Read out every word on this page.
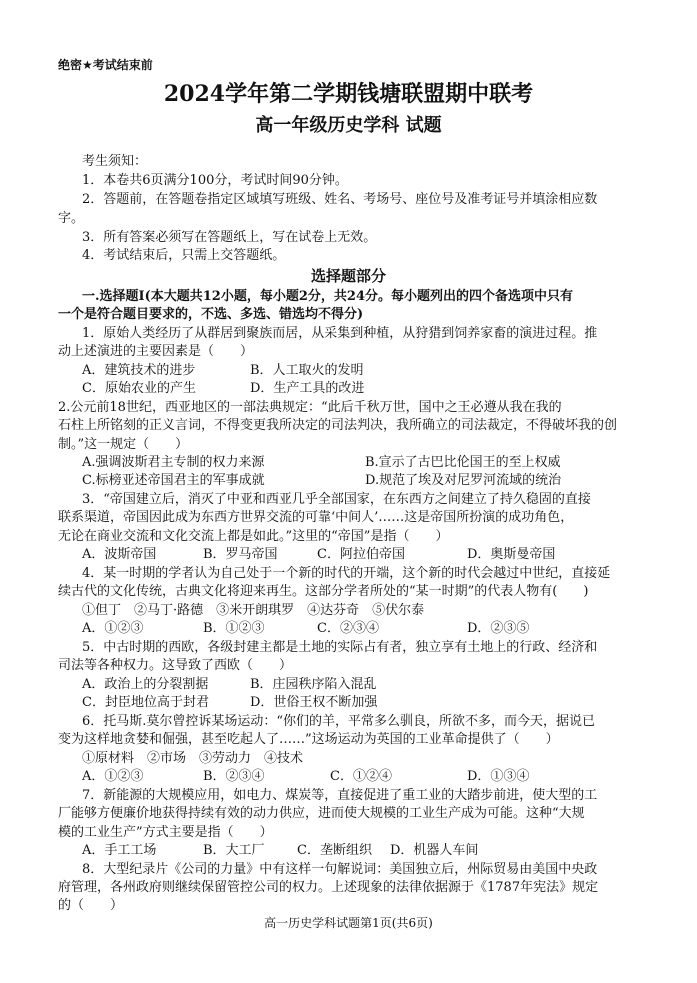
绝密★考试结束前
2024学年第二学期钱塘联盟期中联考
高一年级历史学科 试题
考生须知：
1．本卷共6页满分100分，考试时间90分钟。
2．答题前，在答题卷指定区域填写班级、姓名、考场号、座位号及准考证号并填涂相应数
字。
3．所有答案必须写在答题纸上，写在试卷上无效。
4．考试结束后，只需上交答题纸。
选择题部分
一.选择题Ⅰ(本大题共12小题，每小题2分，共24分。每小题列出的四个备选项中只有
一个是符合题目要求的，不选、多选、错选均不得分)
1．原始人类经历了从群居到聚族而居，从采集到种植，从狩猎到饲养家畜的演进过程。推
动上述演进的主要因素是（　　）
A．建筑技术的进步	B．人工取火的发明
C．原始农业的产生	D．生产工具的改进
2.公元前18世纪，西亚地区的一部法典规定：“此后千秋万世，国中之王必遵从我在我的
石柱上所铭刻的正义言词，不得变更我所决定的司法判决，我所确立的司法裁定，不得破坏我的创
制。”这一规定（　　）
A.强调波斯君主专制的权力来源	B.宣示了古巴比伦国王的至上权威
C.标榜亚述帝国君主的军事成就	D.规范了埃及对尼罗河流域的统治
3．“帝国建立后，消灭了中亚和西亚几乎全部国家，在东西方之间建立了持久稳固的直接
联系渠道，帝国因此成为东西方世界交流的可靠‘中间人’……这是帝国所扮演的成功角色，
无论在商业交流和文化交流上都是如此。”这里的“帝国”是指（　　）
A．波斯帝国	B．罗马帝国	C．阿拉伯帝国	D．奥斯曼帝国
4．某一时期的学者认为自己处于一个新的时代的开端，这个新的时代会越过中世纪，直接延
续古代的文化传统，古典文化将迎来再生。这部分学者所处的“某一时期”的代表人物有(　　)
①但丁　②马丁·路德　③米开朗琪罗　④达芬奇　⑤伏尔泰
A．①②③	B．①②③	C．②③④	D．②③⑤
5．中古时期的西欧，各级封建主都是土地的实际占有者，独立享有土地上的行政、经济和
司法等各种权力。这导致了西欧（　　）
A．政治上的分裂割据	B．庄园秩序陷入混乱
C．封臣地位高于封君	D．世俗王权不断加强
6．托马斯.莫尔曾控诉某场运动：“你们的羊，平常多么驯良，所欲不多，而今天，据说已
变为这样地贪婪和倔强，甚至吃起人了……”这场运动为英国的工业革命提供了（　　）
①原材料　②市场　③劳动力　④技术
A．①②③	B．②③④	C．①②④	D．①③④
7．新能源的大规模应用，如电力、煤炭等，直接促进了重工业的大踏步前进，使大型的工
厂能够方便廉价地获得持续有效的动力供应，进而使大规模的工业生产成为可能。这种“大规
模的工业生产”方式主要是指（　　）
A．手工工场	B．大工厂 C．垄断组织 D．机器人车间
8．大型纪录片《公司的力量》中有这样一句解说词：美国独立后，州际贸易由美国中央政
府管理，各州政府则继续保留管控公司的权力。上述现象的法律依据源于《1787年宪法》规定
的（　　）
高一历史学科试题第1页(共6页)
